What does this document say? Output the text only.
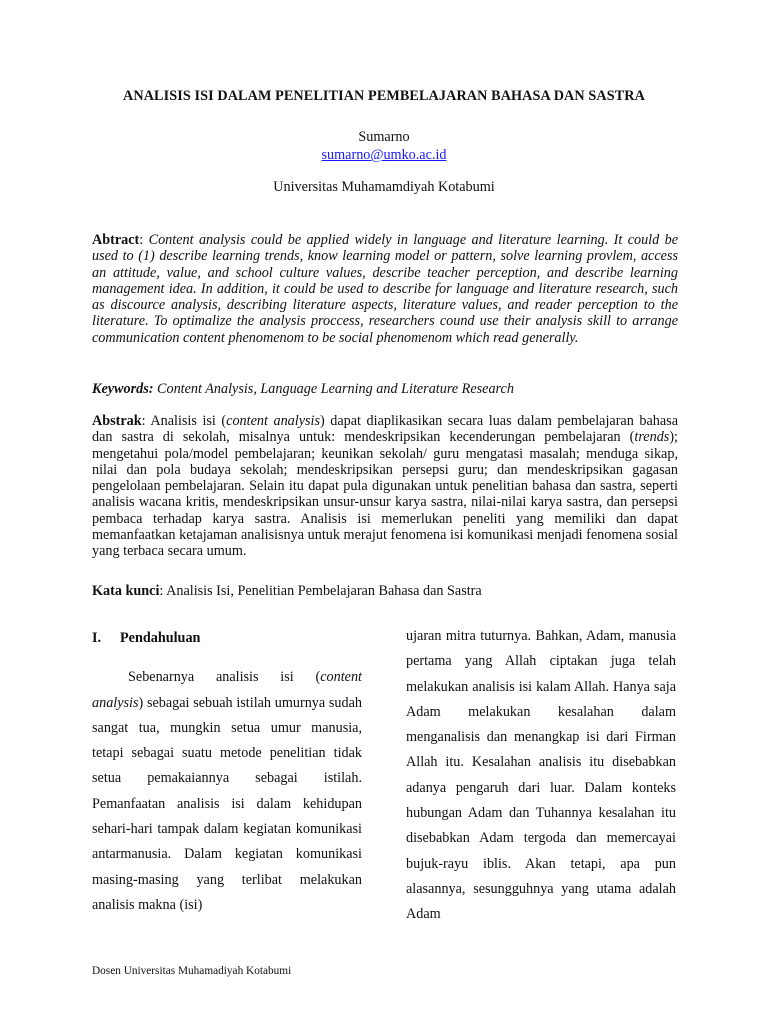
ANALISIS ISI DALAM PENELITIAN PEMBELAJARAN BAHASA DAN SASTRA
Sumarno
sumarno@umko.ac.id
Universitas Muhamamdiyah Kotabumi

Abtract: Content analysis could be applied widely in language and literature learning. It could be used to (1) describe learning trends, know learning model or pattern, solve learning provlem, access an attitude, value, and school culture values, describe teacher perception, and describe learning management idea. In addition, it could be used to describe for language and literature research, such as discource analysis, describing literature aspects, literature values, and reader perception to the literature. To optimalize the analysis proccess, researchers cound use their analysis skill to arrange communication content phenomenom to be social phenomenom which read generally.

Keywords: Content Analysis, Language Learning and Literature Research

Abstrak: Analisis isi (content analysis) dapat diaplikasikan secara luas dalam pembelajaran bahasa dan sastra di sekolah, misalnya untuk: mendeskripsikan kecenderungan pembelajaran (trends); mengetahui pola/model pembelajaran; keunikan sekolah/ guru mengatasi masalah; menduga sikap, nilai dan pola budaya sekolah; mendeskripsikan persepsi guru; dan mendeskripsikan gagasan pengelolaan pembelajaran. Selain itu dapat pula digunakan untuk penelitian bahasa dan sastra, seperti analisis wacana kritis, mendeskripsikan unsur-unsur karya sastra, nilai-nilai karya sastra, dan persepsi pembaca terhadap karya sastra. Analisis isi memerlukan peneliti yang memiliki dan dapat memanfaatkan ketajaman analisisnya untuk merajut fenomena isi komunikasi menjadi fenomena sosial yang terbaca secara umum.

Kata kunci: Analisis Isi, Penelitian Pembelajaran Bahasa dan Sastra

I.	Pendahuluan

Sebenarnya analisis isi (content analysis) sebagai sebuah istilah umurnya sudah sangat tua, mungkin setua umur manusia, tetapi sebagai suatu metode penelitian tidak setua pemakaiannya sebagai istilah. Pemanfaatan analisis isi dalam kehidupan sehari-hari tampak dalam kegiatan komunikasi antarmanusia. Dalam kegiatan komunikasi masing-masing yang terlibat melakukan analisis makna (isi)

ujaran mitra tuturnya. Bahkan, Adam, manusia pertama yang Allah ciptakan juga telah melakukan analisis isi kalam Allah. Hanya saja Adam melakukan kesalahan dalam menganalisis dan menangkap isi dari Firman Allah itu. Kesalahan analisis itu disebabkan adanya pengaruh dari luar. Dalam konteks hubungan Adam dan Tuhannya kesalahan itu disebabkan Adam tergoda dan memercayai bujuk-rayu iblis. Akan tetapi, apa pun alasannya, sesungguhnya yang utama adalah Adam

Dosen Universitas Muhamadiyah Kotabumi
